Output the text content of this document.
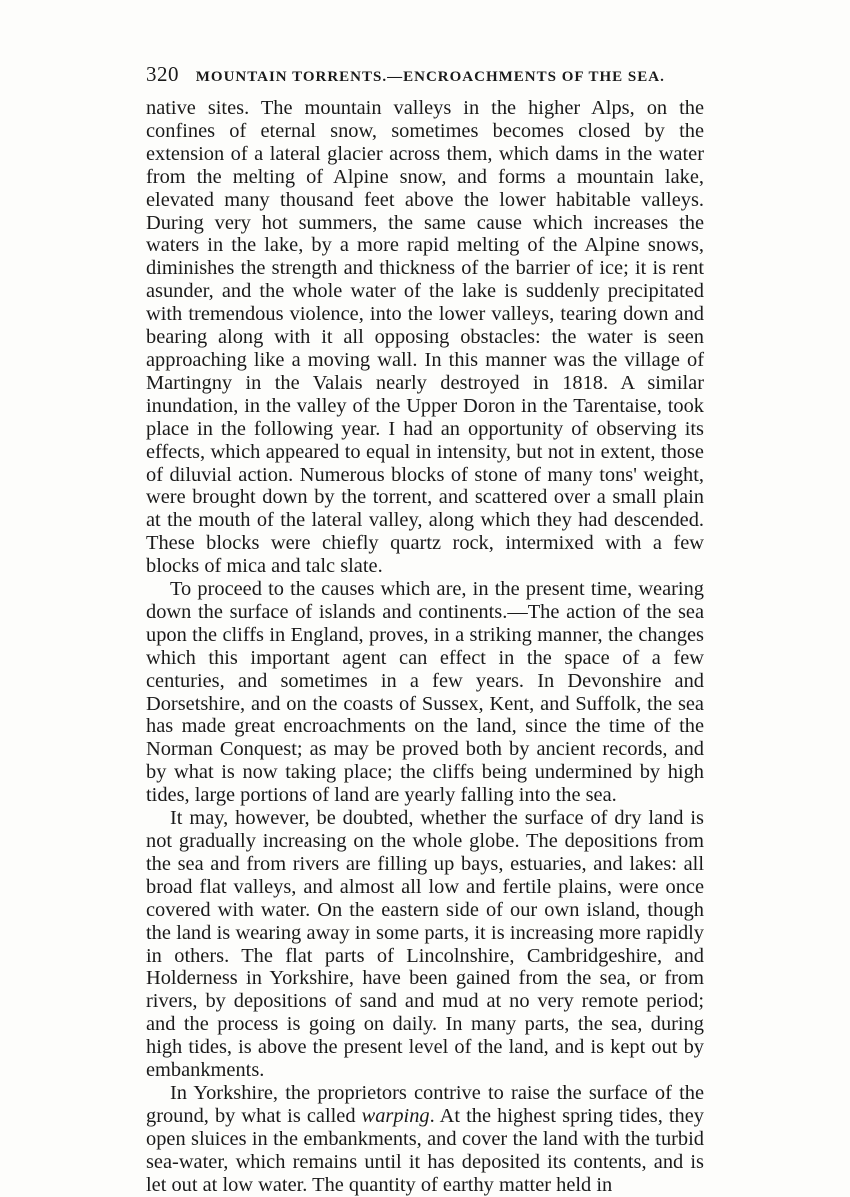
320 MOUNTAIN TORRENTS.—ENCROACHMENTS OF THE SEA.

native sites. The mountain valleys in the higher Alps, on the confines of eternal snow, sometimes becomes closed by the extension of a lateral glacier across them, which dams in the water from the melting of Alpine snow, and forms a mountain lake, elevated many thousand feet above the lower habitable valleys. During very hot summers, the same cause which increases the waters in the lake, by a more rapid melting of the Alpine snows, diminishes the strength and thickness of the barrier of ice; it is rent asunder, and the whole water of the lake is suddenly precipitated with tremendous violence, into the lower valleys, tearing down and bearing along with it all opposing obstacles: the water is seen approaching like a moving wall. In this manner was the village of Martingny in the Valais nearly destroyed in 1818. A similar inundation, in the valley of the Upper Doron in the Tarentaise, took place in the following year. I had an opportunity of observing its effects, which appeared to equal in intensity, but not in extent, those of diluvial action. Numerous blocks of stone of many tons' weight, were brought down by the torrent, and scattered over a small plain at the mouth of the lateral valley, along which they had descended. These blocks were chiefly quartz rock, intermixed with a few blocks of mica and talc slate.

To proceed to the causes which are, in the present time, wearing down the surface of islands and continents.—The action of the sea upon the cliffs in England, proves, in a striking manner, the changes which this important agent can effect in the space of a few centuries, and sometimes in a few years. In Devonshire and Dorsetshire, and on the coasts of Sussex, Kent, and Suffolk, the sea has made great encroachments on the land, since the time of the Norman Conquest; as may be proved both by ancient records, and by what is now taking place; the cliffs being undermined by high tides, large portions of land are yearly falling into the sea.

It may, however, be doubted, whether the surface of dry land is not gradually increasing on the whole globe. The depositions from the sea and from rivers are filling up bays, estuaries, and lakes: all broad flat valleys, and almost all low and fertile plains, were once covered with water. On the eastern side of our own island, though the land is wearing away in some parts, it is increasing more rapidly in others. The flat parts of Lincolnshire, Cambridgeshire, and Holderness in Yorkshire, have been gained from the sea, or from rivers, by depositions of sand and mud at no very remote period; and the process is going on daily. In many parts, the sea, during high tides, is above the present level of the land, and is kept out by embankments.

In Yorkshire, the proprietors contrive to raise the surface of the ground, by what is called warping. At the highest spring tides, they open sluices in the embankments, and cover the land with the turbid sea-water, which remains until it has deposited its contents, and is let out at low water. The quantity of earthy matter held in
